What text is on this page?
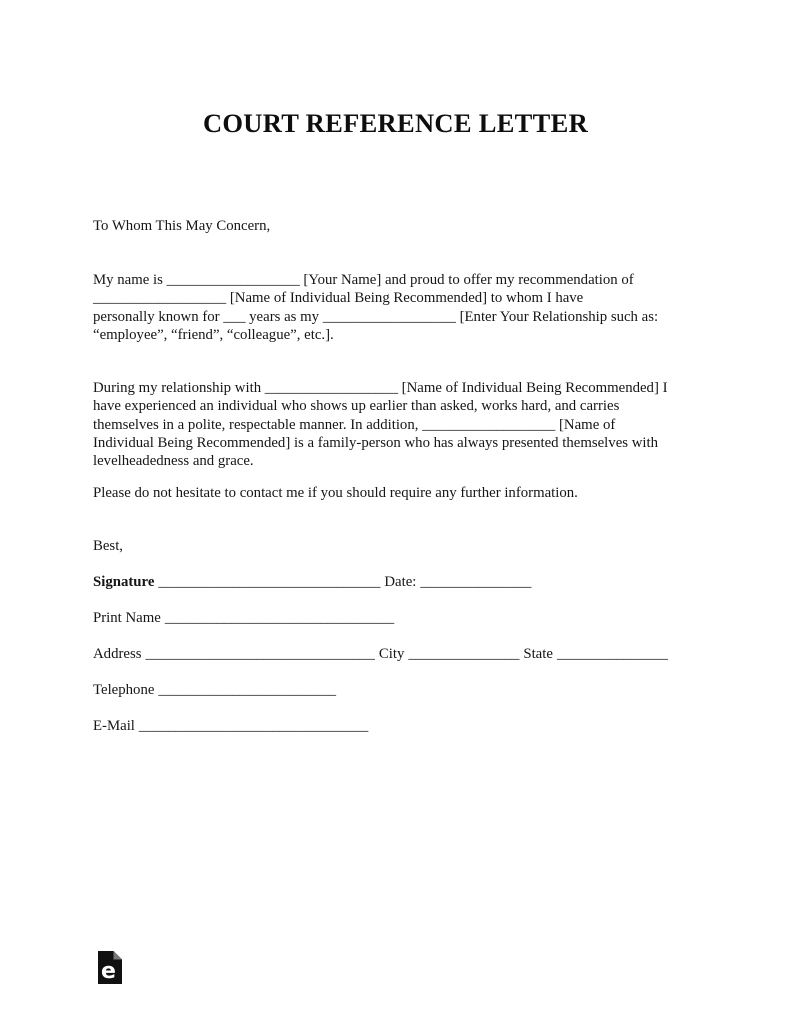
COURT REFERENCE LETTER
To Whom This May Concern,
My name is __________________ [Your Name] and proud to offer my recommendation of
__________________ [Name of Individual Being Recommended] to whom I have
personally known for ___ years as my __________________ [Enter Your Relationship such as:
“employee”, “friend”, “colleague”, etc.].
During my relationship with __________________ [Name of Individual Being Recommended] I
have experienced an individual who shows up earlier than asked, works hard, and carries
themselves in a polite, respectable manner. In addition, __________________ [Name of
Individual Being Recommended] is a family-person who has always presented themselves with
levelheadedness and grace.
Please do not hesitate to contact me if you should require any further information.
Best,
Signature ______________________________ Date: _______________
Print Name _______________________________
Address _______________________________ City _______________ State _______________
Telephone ________________________
E-Mail _______________________________
e
